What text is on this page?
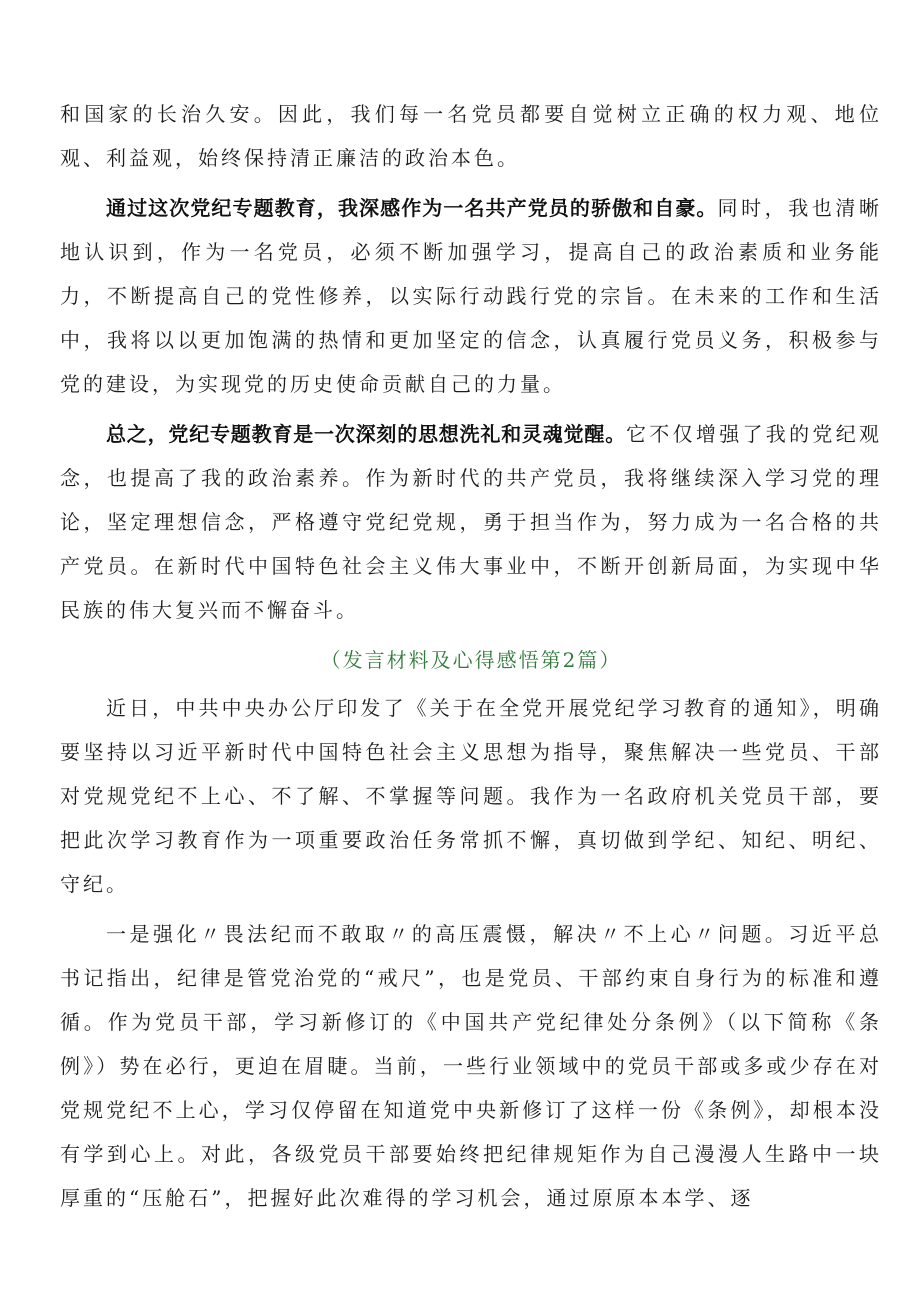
和国家的长治久安。因此，我们每一名党员都要自觉树立正确的权力观、地位观、利益观，始终保持清正廉洁的政治本色。

通过这次党纪专题教育，我深感作为一名共产党员的骄傲和自豪。同时，我也清晰地认识到，作为一名党员，必须不断加强学习，提高自己的政治素质和业务能力，不断提高自己的党性修养，以实际行动践行党的宗旨。在未来的工作和生活中，我将以以更加饱满的热情和更加坚定的信念，认真履行党员义务，积极参与党的建设，为实现党的历史使命贡献自己的力量。

总之，党纪专题教育是一次深刻的思想洗礼和灵魂觉醒。它不仅增强了我的党纪观念，也提高了我的政治素养。作为新时代的共产党员，我将继续深入学习党的理论，坚定理想信念，严格遵守党纪党规，勇于担当作为，努力成为一名合格的共产党员。在新时代中国特色社会主义伟大事业中，不断开创新局面，为实现中华民族的伟大复兴而不懈奋斗。

（发言材料及心得感悟第2篇）

近日，中共中央办公厅印发了《关于在全党开展党纪学习教育的通知》，明确要坚持以习近平新时代中国特色社会主义思想为指导，聚焦解决一些党员、干部对党规党纪不上心、不了解、不掌握等问题。我作为一名政府机关党员干部，要把此次学习教育作为一项重要政治任务常抓不懈，真切做到学纪、知纪、明纪、守纪。

一是强化〃畏法纪而不敢取〃的高压震慑，解决〃不上心〃问题。习近平总书记指出，纪律是管党治党的“戒尺”，也是党员、干部约束自身行为的标准和遵循。作为党员干部，学习新修订的《中国共产党纪律处分条例》（以下简称《条例》）势在必行，更迫在眉睫。当前，一些行业领域中的党员干部或多或少存在对党规党纪不上心，学习仅停留在知道党中央新修订了这样一份《条例》，却根本没有学到心上。对此，各级党员干部要始终把纪律规矩作为自己漫漫人生路中一块厚重的“压舱石”，把握好此次难得的学习机会，通过原原本本学、逐
